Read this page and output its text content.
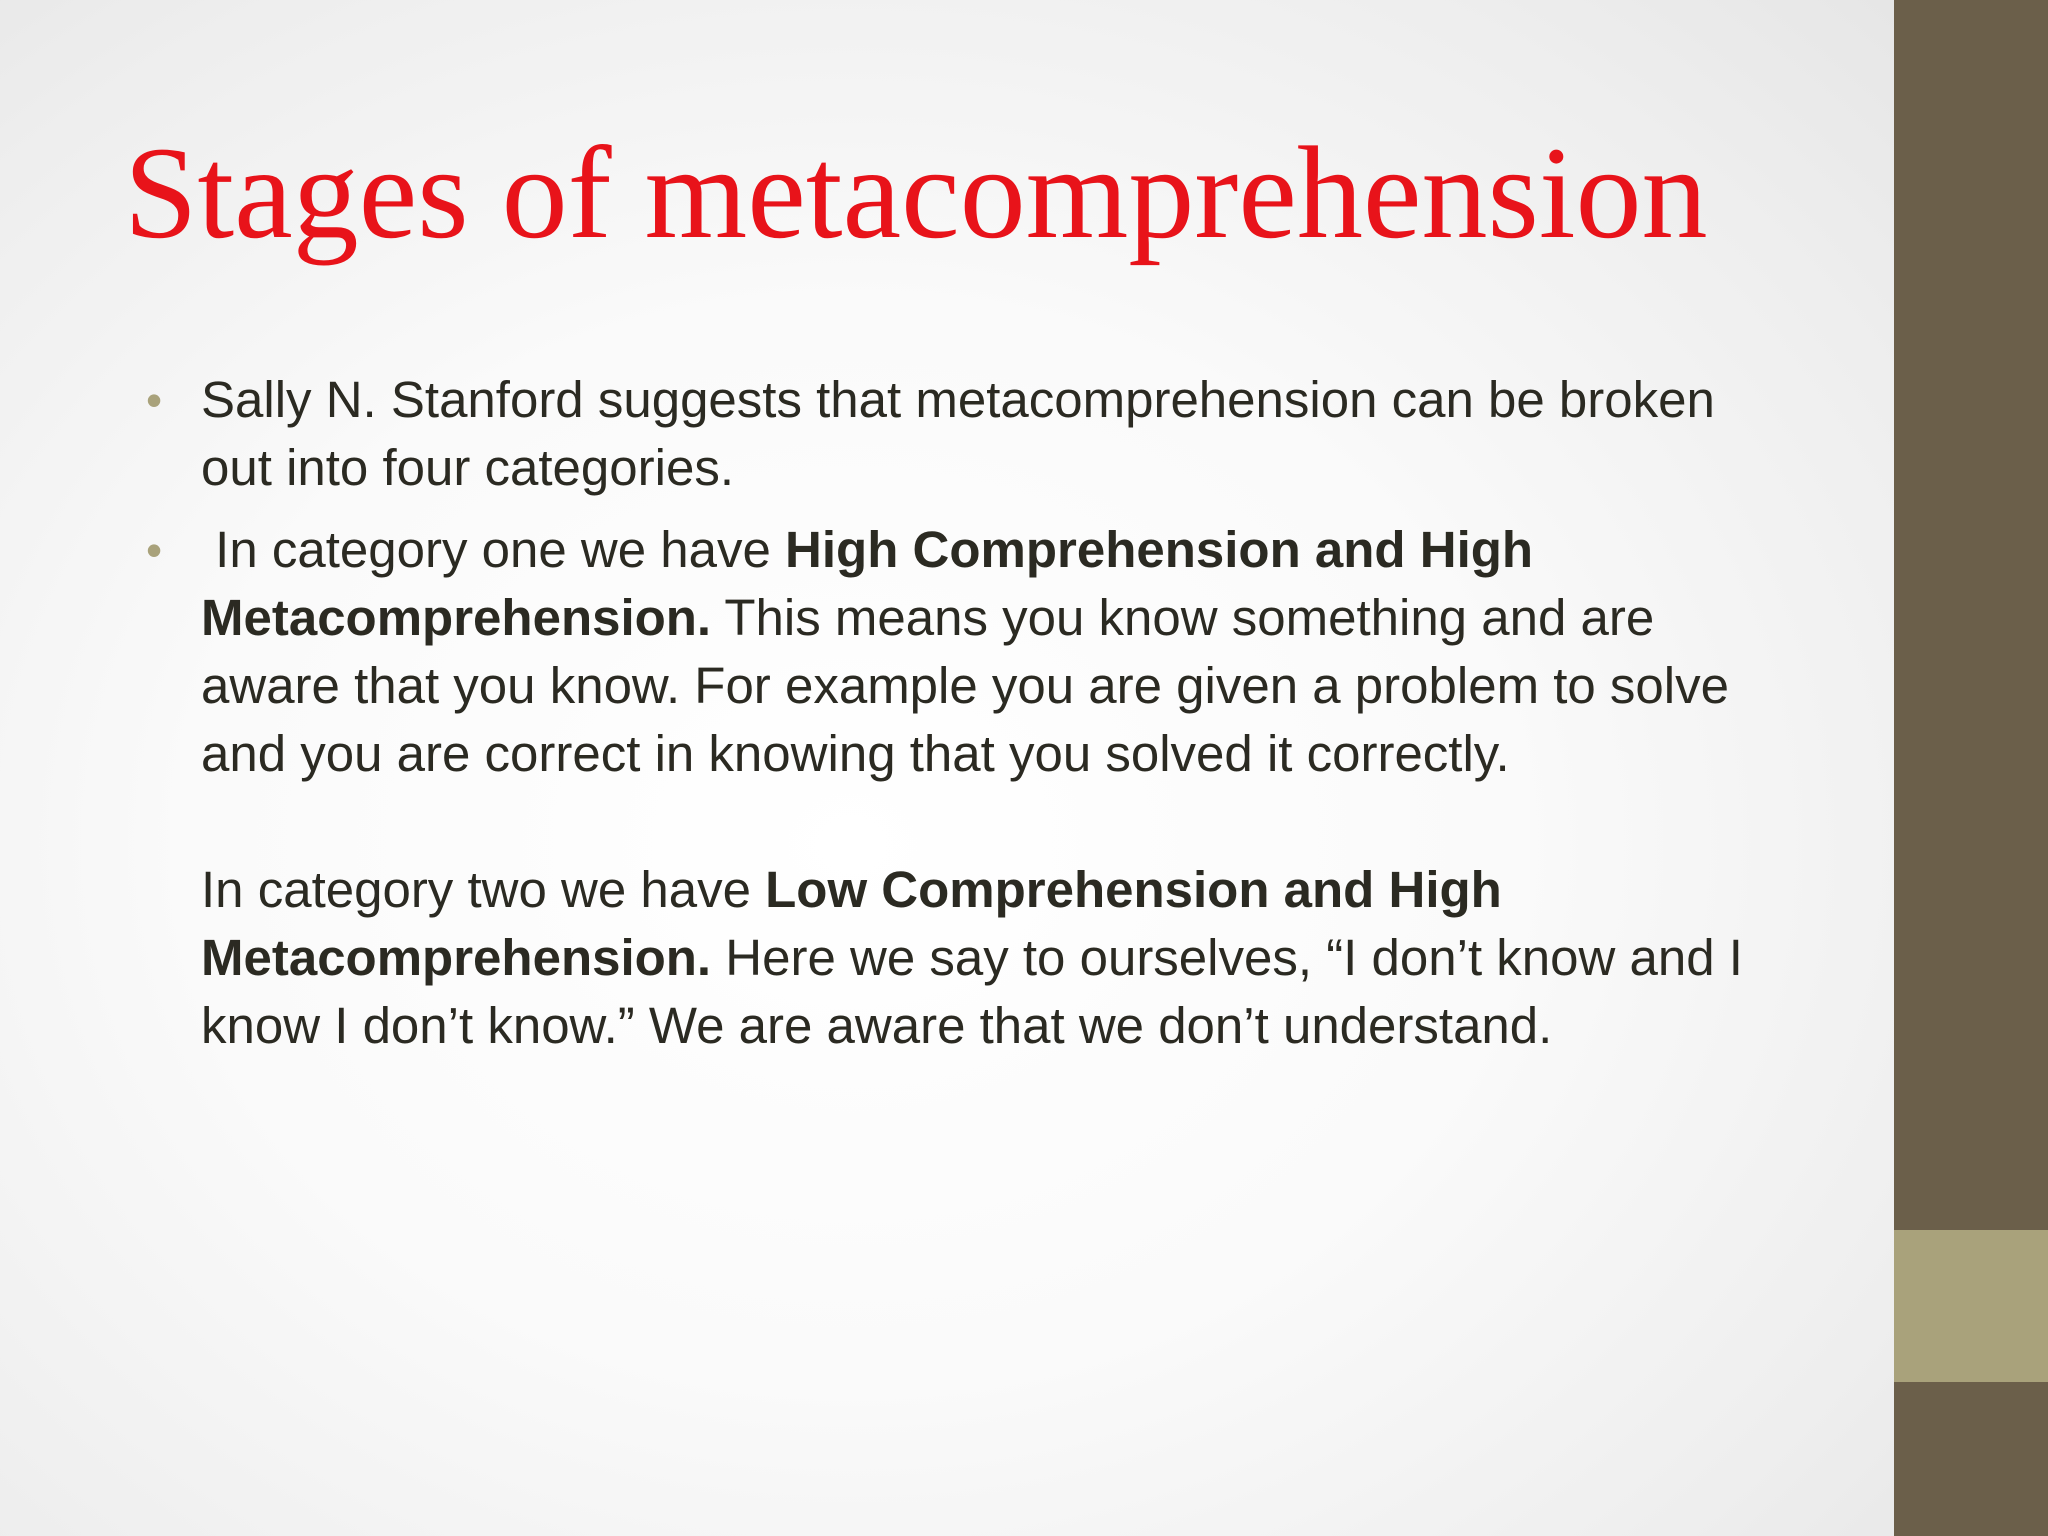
Stages of metacomprehension
• Sally N. Stanford suggests that metacomprehension can be broken out into four categories.
• In category one we have High Comprehension and High Metacomprehension. This means you know something and are aware that you know. For example you are given a problem to solve and you are correct in knowing that you solved it correctly.

In category two we have Low Comprehension and High Metacomprehension. Here we say to ourselves, “I don’t know and I know I don’t know.” We are aware that we don’t understand.
